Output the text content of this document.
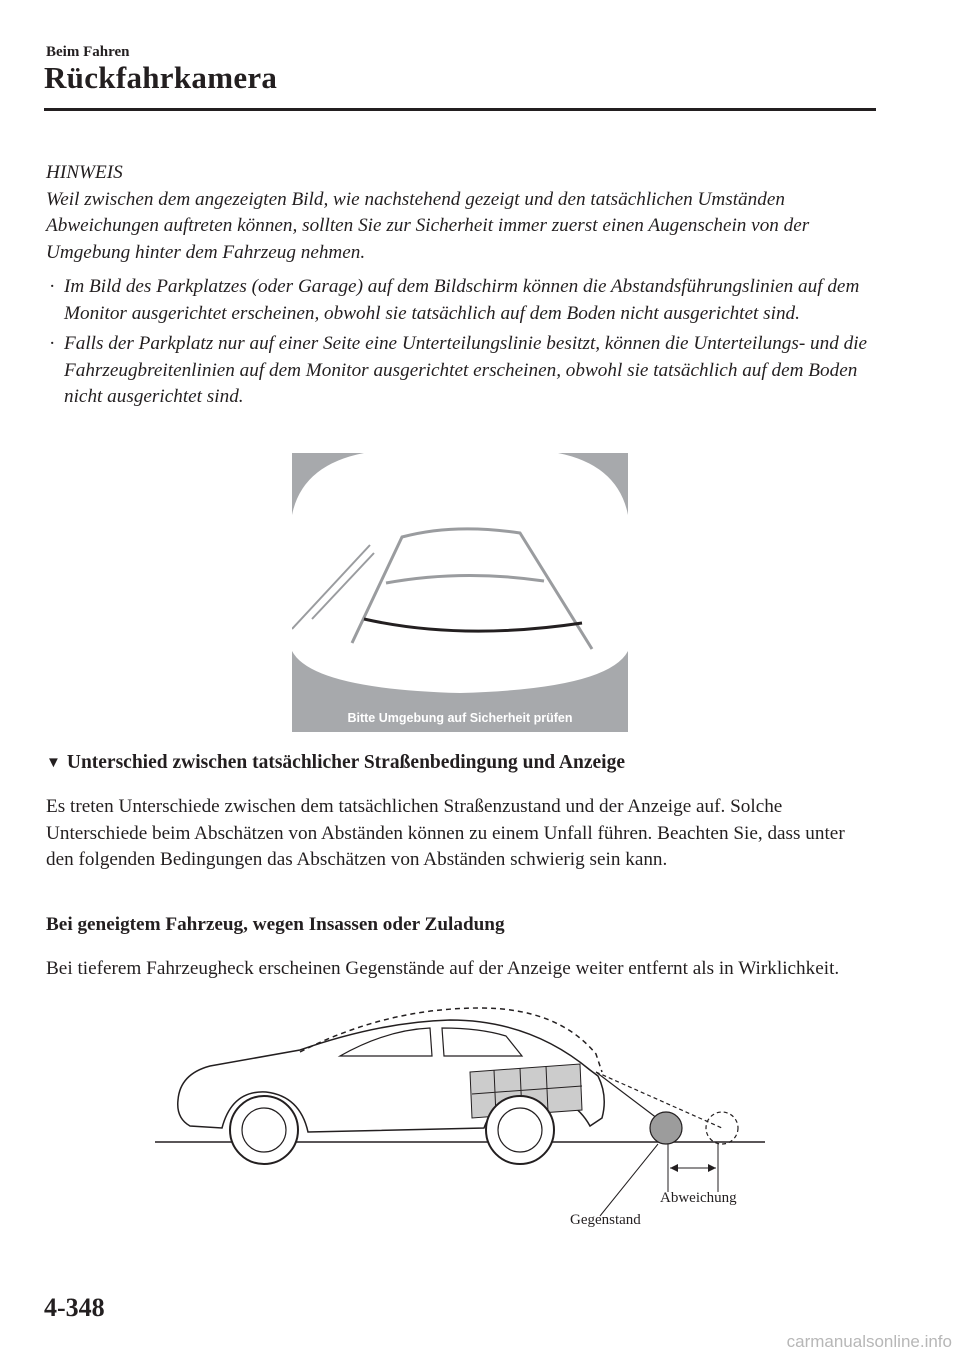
Beim Fahren
Rückfahrkamera

HINWEIS

Weil zwischen dem angezeigten Bild, wie nachstehend gezeigt und den tatsächlichen Umständen Abweichungen auftreten können, sollten Sie zur Sicherheit immer zuerst einen Augenschein von der Umgebung hinter dem Fahrzeug nehmen.

· Im Bild des Parkplatzes (oder Garage) auf dem Bildschirm können die Abstandsführungslinien auf dem Monitor ausgerichtet erscheinen, obwohl sie tatsächlich auf dem Boden nicht ausgerichtet sind.
· Falls der Parkplatz nur auf einer Seite eine Unterteilungslinie besitzt, können die Unterteilungs- und die Fahrzeugbreitenlinien auf dem Monitor ausgerichtet erscheinen, obwohl sie tatsächlich auf dem Boden nicht ausgerichtet sind.
Bitte Umgebung auf Sicherheit prüfen
▼ Unterschied zwischen tatsächlicher Straßenbedingung und Anzeige

Es treten Unterschiede zwischen dem tatsächlichen Straßenzustand und der Anzeige auf. Solche Unterschiede beim Abschätzen von Abständen können zu einem Unfall führen. Beachten Sie, dass unter den folgenden Bedingungen das Abschätzen von Abständen schwierig sein kann.

Bei geneigtem Fahrzeug, wegen Insassen oder Zuladung

Bei tieferem Fahrzeugheck erscheinen Gegenstände auf der Anzeige weiter entfernt als in Wirklichkeit.

Gegenstand
Abweichung
4-348
carmanualsonline.info
